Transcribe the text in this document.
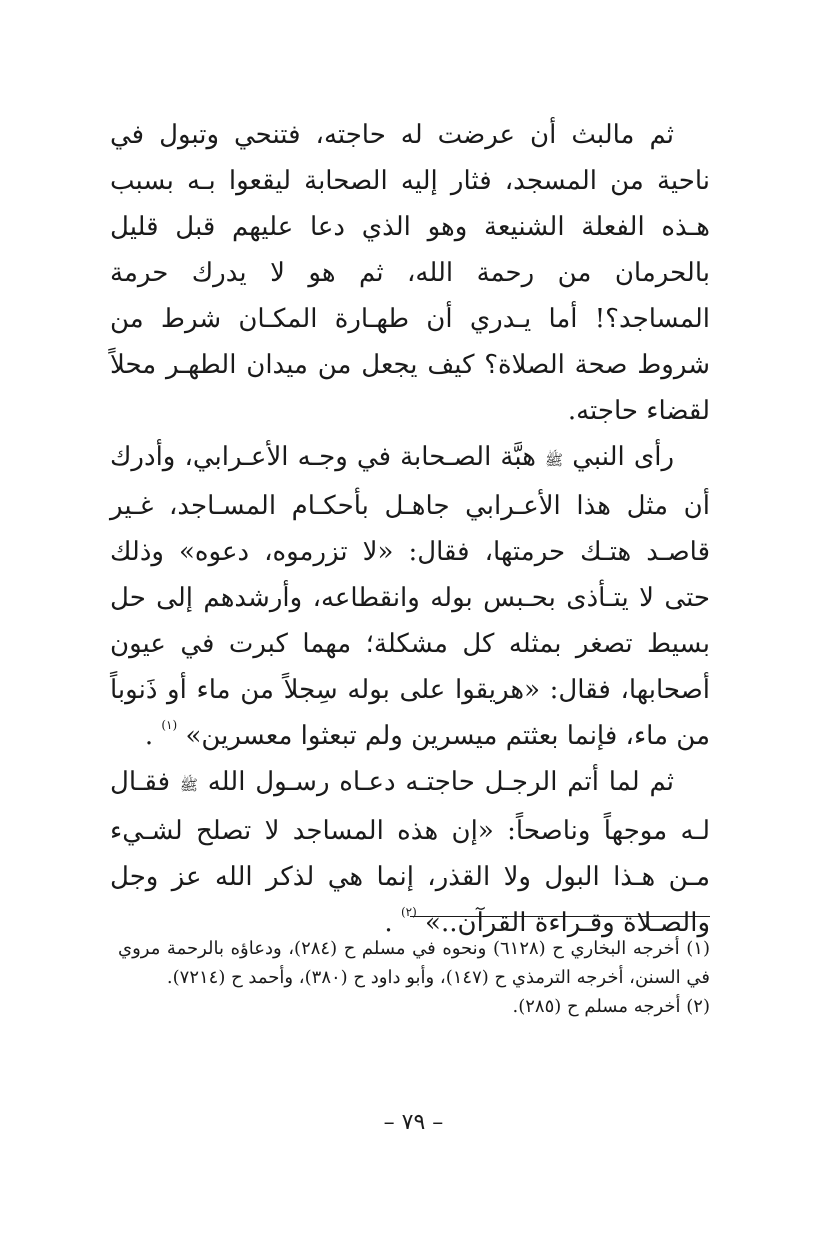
ثم مالبث أن عرضت له حاجته، فتنحي وتبول في ناحية من المسجد، فثار إليه الصحابة ليقعوا بـه بسبب هـذه الفعلة الشنيعة وهو الذي دعا عليهم قبل قليل بالحرمان من رحمة الله، ثم هو لا يدرك حرمة المساجد؟! أما يـدري أن طهـارة المكـان شرط من شروط صحة الصلاة؟ كيف يجعل من ميدان الطهـر محلاً لقضاء حاجته.

رأى النبي ﷺ هبَّة الصـحابة في وجـه الأعـرابي، وأدرك أن مثل هذا الأعـرابي جاهـل بأحكـام المسـاجد، غـير قاصـد هتـك حرمتها، فقال: «لا تزرموه، دعوه» وذلك حتى لا يتـأذى بحـبس بوله وانقطاعه، وأرشدهم إلى حل بسيط تصغر بمثله كل مشكلة؛ مهما كبرت في عيون أصحابها، فقال: «هريقوا على بوله سِجلاً من ماء أو ذَنوباً من ماء، فإنما بعثتم ميسرين ولم تبعثوا معسرين» $^{(١)}$ .

ثم لما أتم الرجـل حاجتـه دعـاه رسـول الله ﷺ فقـال لـه موجهاً وناصحاً: «إن هذه المساجد لا تصلح لشـيء مـن هـذا البول ولا القذر، إنما هي لذكر الله عز وجل والصـلاة وقـراءة القرآن..» $^{(٢)}$ .

(١) أخرجه البخاري ح (٦١٢٨) ونحوه في مسلم ح (٢٨٤)، ودعاؤه بالرحمة مروي في السنن، أخرجه الترمذي ح (١٤٧)، وأبو داود ح (٣٨٠)، وأحمد ح (٧٢١٤).

(٢) أخرجه مسلم ح (٢٨٥).

– ٧٩ –
